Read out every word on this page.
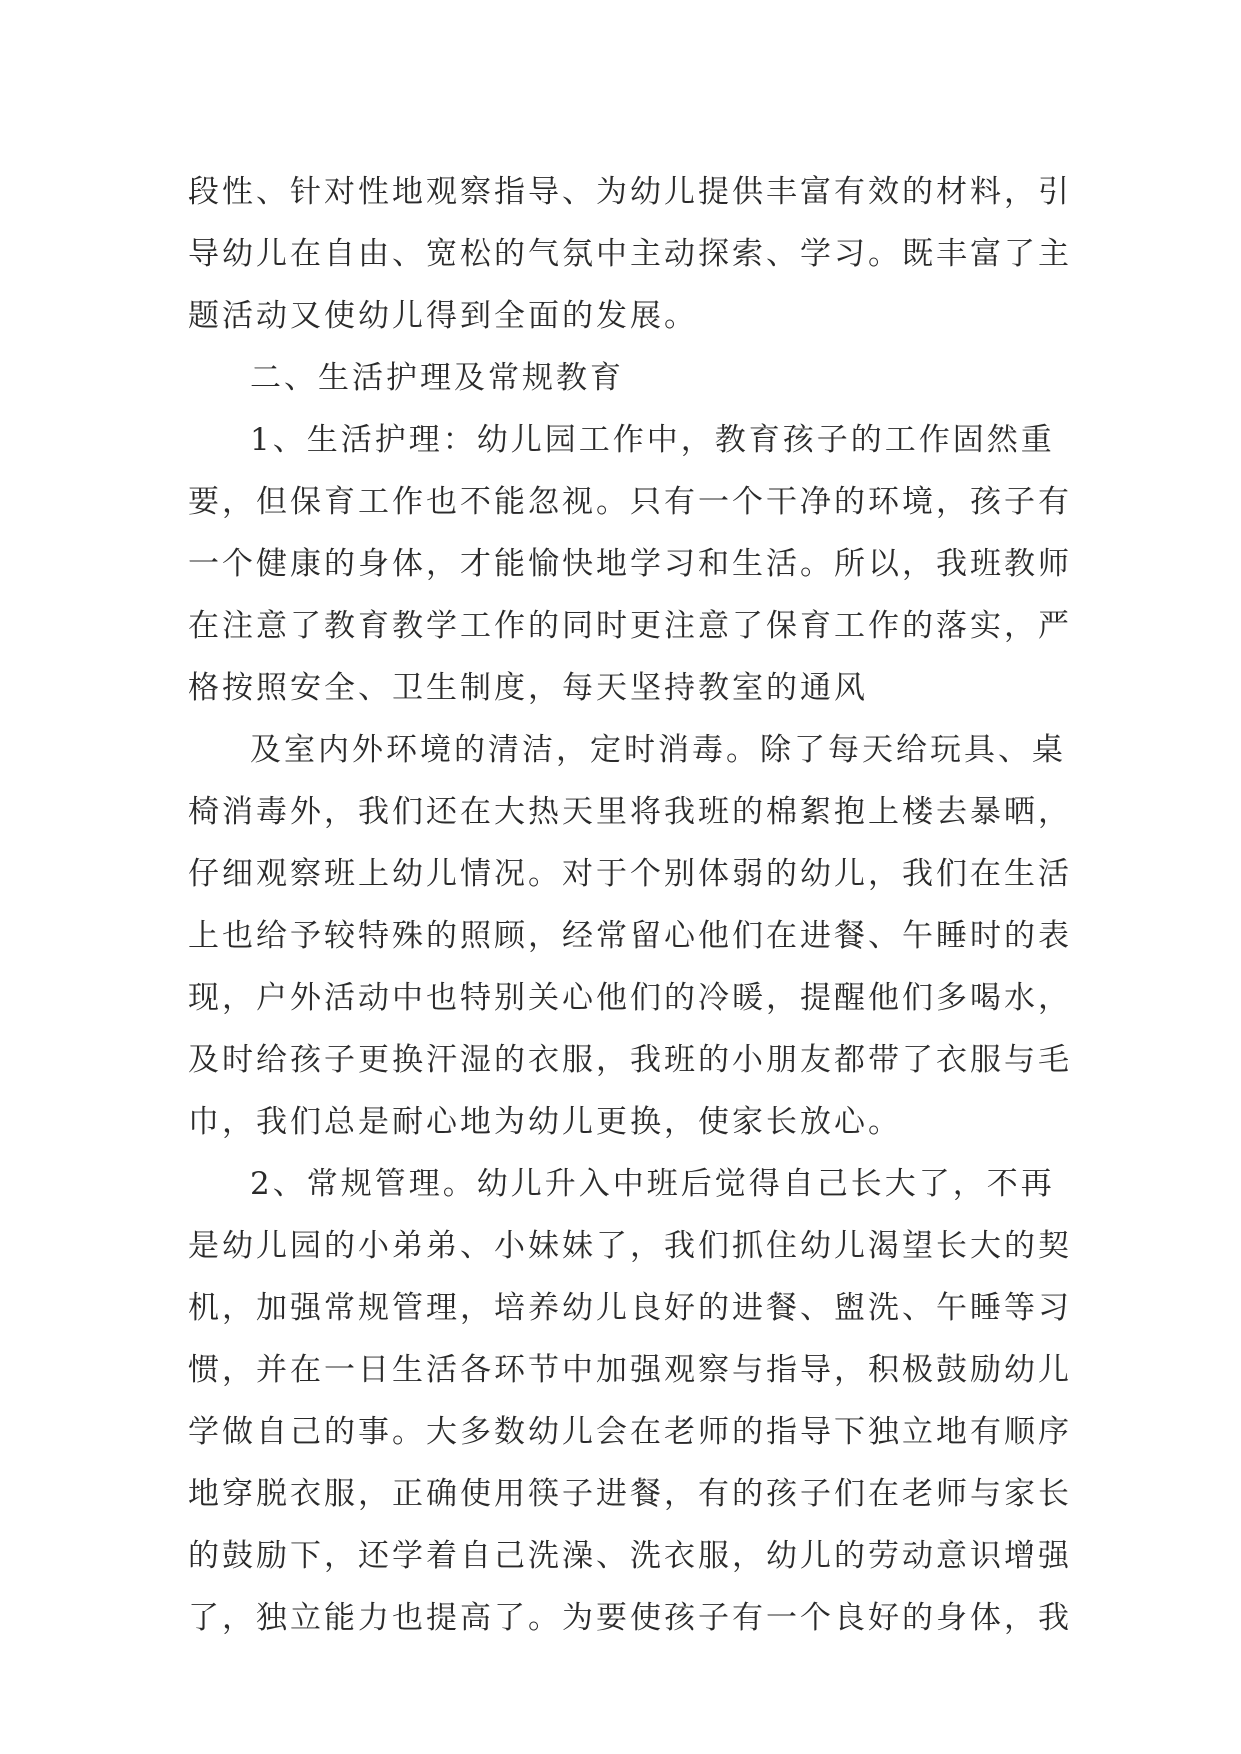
段性、针对性地观察指导、为幼儿提供丰富有效的材料，引
导幼儿在自由、宽松的气氛中主动探索、学习。既丰富了主
题活动又使幼儿得到全面的发展。
二、生活护理及常规教育
1、生活护理：幼儿园工作中，教育孩子的工作固然重
要，但保育工作也不能忽视。只有一个干净的环境，孩子有
一个健康的身体，才能愉快地学习和生活。所以，我班教师
在注意了教育教学工作的同时更注意了保育工作的落实，严
格按照安全、卫生制度，每天坚持教室的通风
及室内外环境的清洁，定时消毒。除了每天给玩具、桌
椅消毒外，我们还在大热天里将我班的棉絮抱上楼去暴晒，
仔细观察班上幼儿情况。对于个别体弱的幼儿，我们在生活
上也给予较特殊的照顾，经常留心他们在进餐、午睡时的表
现，户外活动中也特别关心他们的冷暖，提醒他们多喝水，
及时给孩子更换汗湿的衣服，我班的小朋友都带了衣服与毛
巾，我们总是耐心地为幼儿更换，使家长放心。
2、常规管理。幼儿升入中班后觉得自己长大了，不再
是幼儿园的小弟弟、小妹妹了，我们抓住幼儿渴望长大的契
机，加强常规管理，培养幼儿良好的进餐、盥洗、午睡等习
惯，并在一日生活各环节中加强观察与指导，积极鼓励幼儿
学做自己的事。大多数幼儿会在老师的指导下独立地有顺序
地穿脱衣服，正确使用筷子进餐，有的孩子们在老师与家长
的鼓励下，还学着自己洗澡、洗衣服，幼儿的劳动意识增强
了，独立能力也提高了。为要使孩子有一个良好的身体，我
